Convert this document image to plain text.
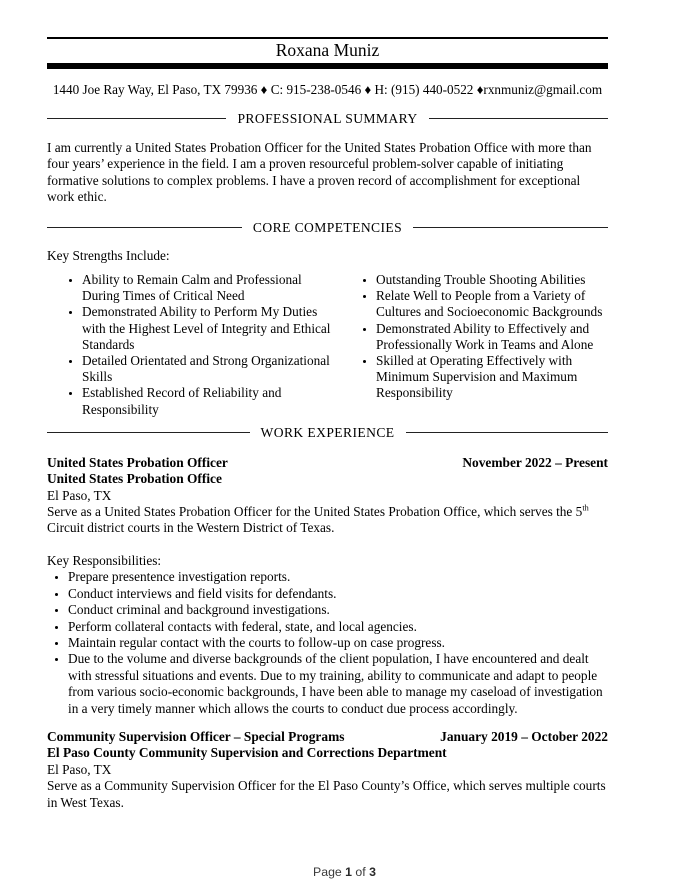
Roxana Muniz
1440 Joe Ray Way, El Paso, TX 79936 ♦ C: 915-238-0546 ♦ H: (915) 440-0522 ♦rxnmuniz@gmail.com
PROFESSIONAL SUMMARY

I am currently a United States Probation Officer for the United States Probation Office with more than four years’ experience in the field. I am a proven resourceful problem-solver capable of initiating formative solutions to complex problems. I have a proven record of accomplishment for exceptional work ethic.

CORE COMPETENCIES

Key Strengths Include:

• Ability to Remain Calm and Professional During Times of Critical Need
• Demonstrated Ability to Perform My Duties with the Highest Level of Integrity and Ethical Standards
• Detailed Orientated and Strong Organizational Skills
• Established Record of Reliability and Responsibility
• Outstanding Trouble Shooting Abilities
• Relate Well to People from a Variety of Cultures and Socioeconomic Backgrounds
• Demonstrated Ability to Effectively and Professionally Work in Teams and Alone
• Skilled at Operating Effectively with Minimum Supervision and Maximum Responsibility
WORK EXPERIENCE
United States Probation Officer	November 2022 – Present
United States Probation Office
El Paso, TX

Serve as a United States Probation Officer for the United States Probation Office, which serves the 5th Circuit district courts in the Western District of Texas.

Key Responsibilities:

• Prepare presentence investigation reports.
• Conduct interviews and field visits for defendants.
• Conduct criminal and background investigations.
• Perform collateral contacts with federal, state, and local agencies.
• Maintain regular contact with the courts to follow-up on case progress.
• Due to the volume and diverse backgrounds of the client population, I have encountered and dealt with stressful situations and events. Due to my training, ability to communicate and adapt to people from various socio-economic backgrounds, I have been able to manage my caseload of investigation in a very timely manner which allows the courts to conduct due process accordingly.
Community Supervision Officer – Special Programs	January 2019 – October 2022
El Paso County Community Supervision and Corrections Department
El Paso, TX

Serve as a Community Supervision Officer for the El Paso County’s Office, which serves multiple courts in West Texas.

Page 1 of 3
